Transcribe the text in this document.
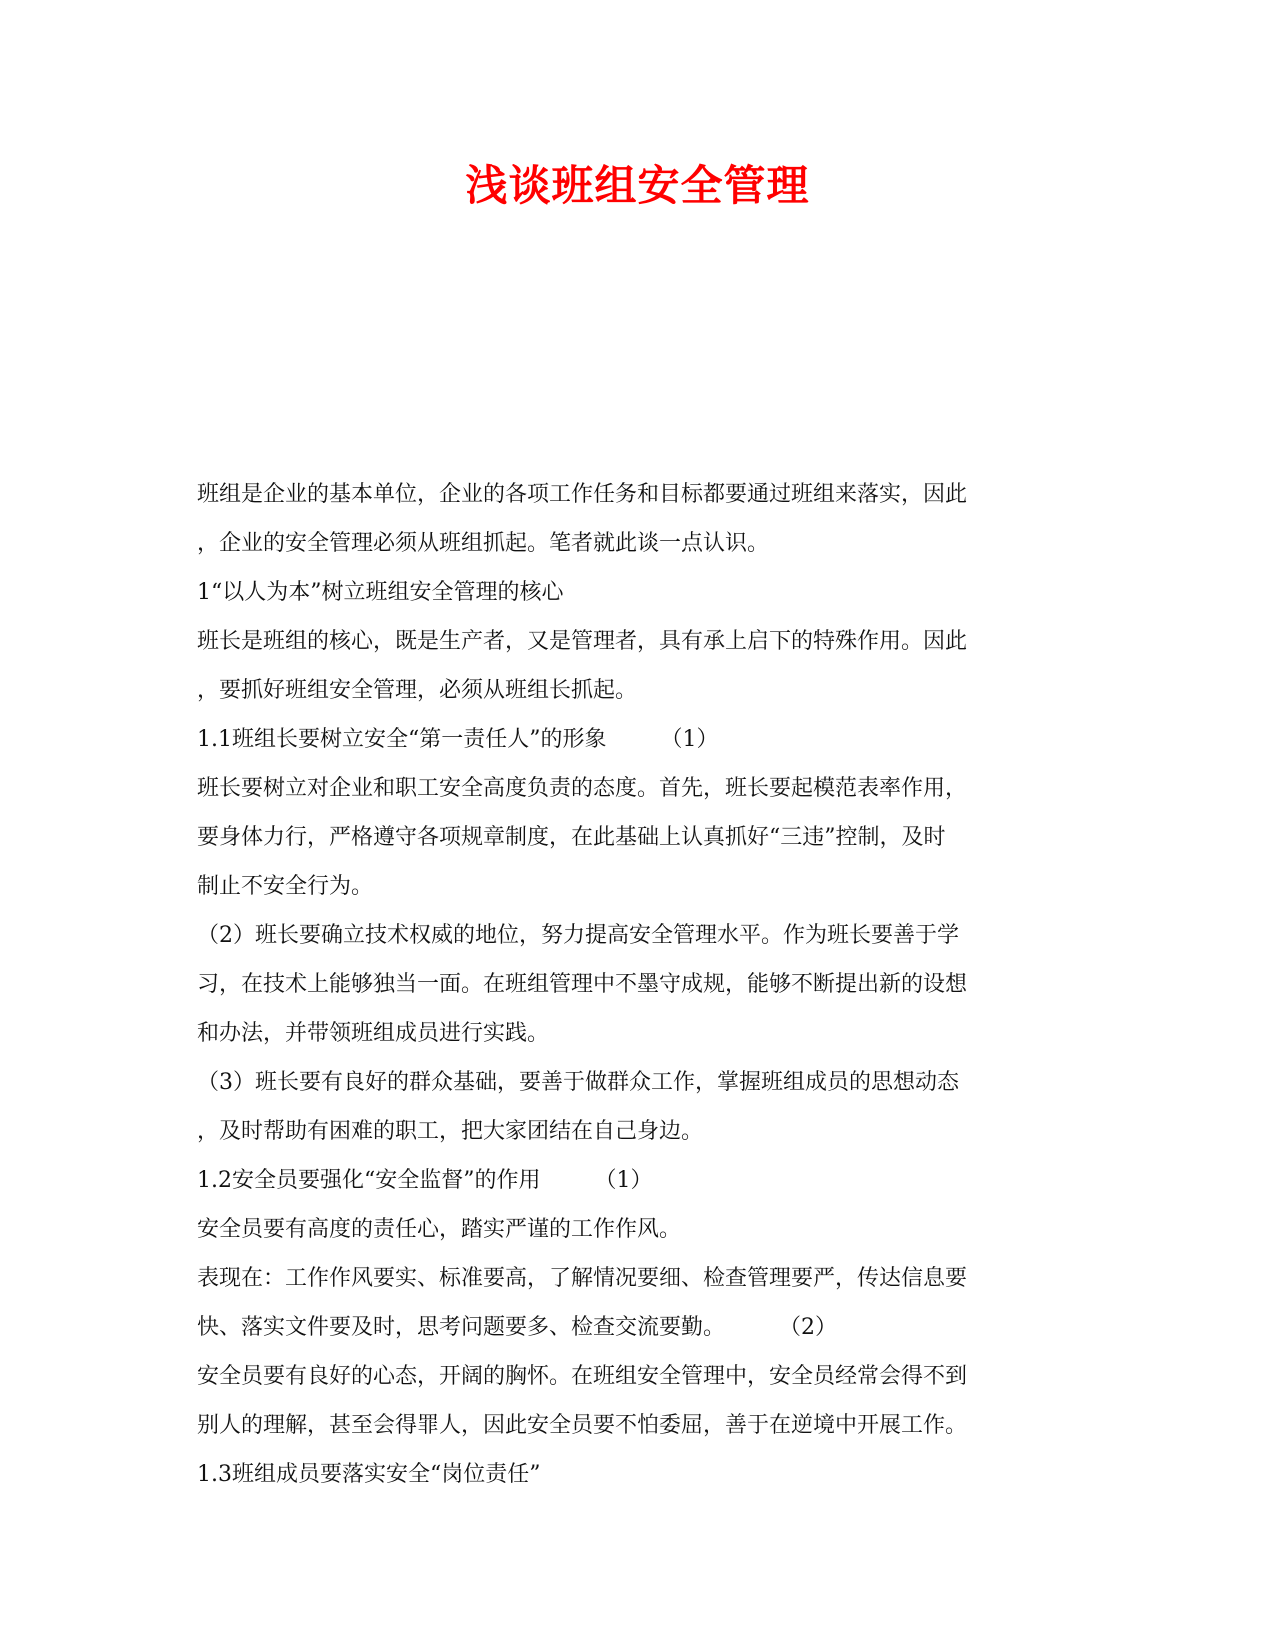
浅谈班组安全管理
班组是企业的基本单位，企业的各项工作任务和目标都要通过班组来落实，因此
，企业的安全管理必须从班组抓起。笔者就此谈一点认识。
1“以人为本”树立班组安全管理的核心
班长是班组的核心，既是生产者，又是管理者，具有承上启下的特殊作用。因此
，要抓好班组安全管理，必须从班组长抓起。
1.1班组长要树立安全“第一责任人”的形象 （1）
班长要树立对企业和职工安全高度负责的态度。首先，班长要起模范表率作用，
要身体力行，严格遵守各项规章制度，在此基础上认真抓好“三违”控制，及时
制止不安全行为。
（2）班长要确立技术权威的地位，努力提高安全管理水平。作为班长要善于学
习，在技术上能够独当一面。在班组管理中不墨守成规，能够不断提出新的设想
和办法，并带领班组成员进行实践。
（3）班长要有良好的群众基础，要善于做群众工作，掌握班组成员的思想动态
，及时帮助有困难的职工，把大家团结在自己身边。
1.2安全员要强化“安全监督”的作用 （1）
安全员要有高度的责任心，踏实严谨的工作作风。
表现在：工作作风要实、标准要高，了解情况要细、检查管理要严，传达信息要
快、落实文件要及时，思考问题要多、检查交流要勤。 （2）
安全员要有良好的心态，开阔的胸怀。在班组安全管理中，安全员经常会得不到
别人的理解，甚至会得罪人，因此安全员要不怕委屈，善于在逆境中开展工作。
1.3班组成员要落实安全“岗位责任”
